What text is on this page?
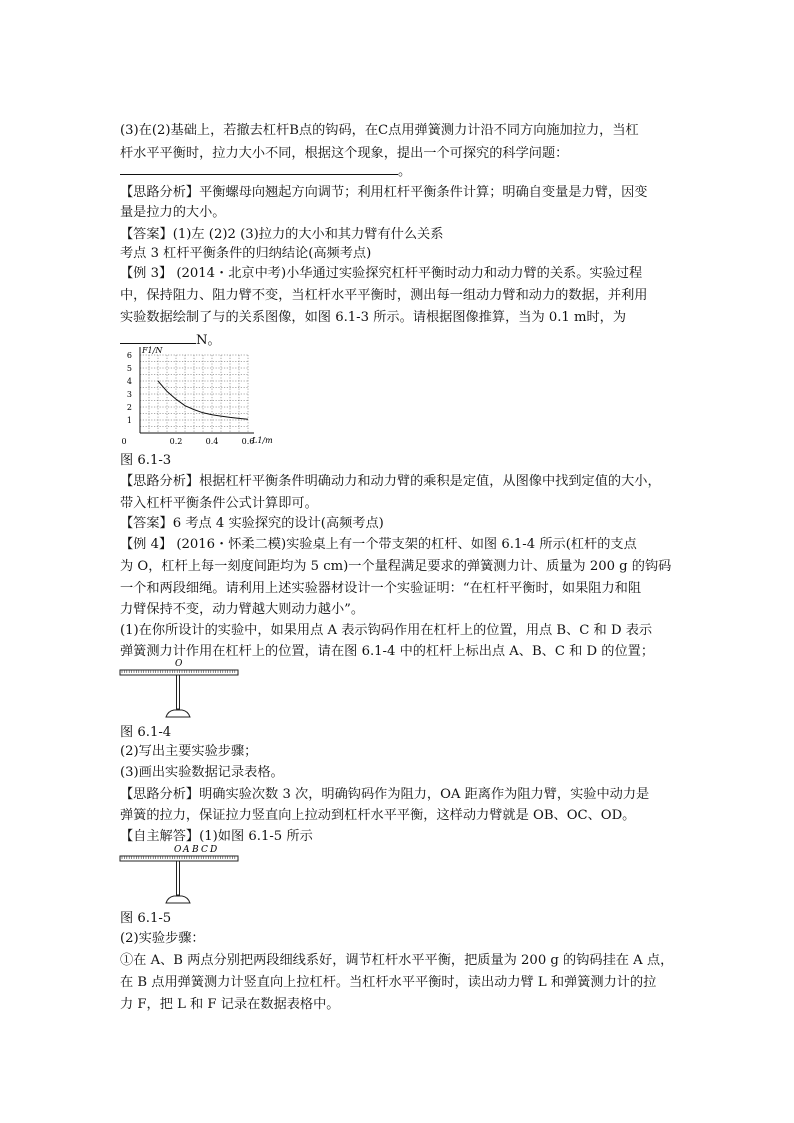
(3)在(2)基础上，若撤去杠杆B点的钩码，在C点用弹簧测力计沿不同方向施加拉力，当杠
杆水平平衡时，拉力大小不同，根据这个现象，提出一个可探究的科学问题：
。
【思路分析】平衡螺母向翘起方向调节；利用杠杆平衡条件计算；明确自变量是力臂，因变
量是拉力的大小。
【答案】(1)左 (2)2 (3)拉力的大小和其力臂有什么关系
考点 3 杠杆平衡条件的归纳结论(高频考点)
【例 3】 (2014・北京中考)小华通过实验探究杠杆平衡时动力和动力臂的关系。实验过程
中，保持阻力、阻力臂不变，当杠杆水平平衡时，测出每一组动力臂和动力的数据，并利用
实验数据绘制了与的关系图像，如图 6.1-3 所示。请根据图像推算，当为 0.1 m时，为
N。
1
2
3
4
5
6
0	0.2	0.4	0.6
F1/N
L1/m
图 6.1-3
【思路分析】根据杠杆平衡条件明确动力和动力臂的乘积是定值，从图像中找到定值的大小，
带入杠杆平衡条件公式计算即可。
【答案】6 考点 4 实验探究的设计(高频考点)
【例 4】 (2016・怀柔二模)实验桌上有一个带支架的杠杆、如图 6.1-4 所示(杠杆的支点
为 O，杠杆上每一刻度间距均为 5 cm)一个量程满足要求的弹簧测力计、质量为 200 g 的钩码
一个和两段细绳。请利用上述实验器材设计一个实验证明：“在杠杆平衡时，如果阻力和阻
力臂保持不变，动力臂越大则动力越小”。
(1)在你所设计的实验中，如果用点 A 表示钩码作用在杠杆上的位置，用点 B、C 和 D 表示
弹簧测力计作用在杠杆上的位置，请在图 6.1-4 中的杠杆上标出点 A、B、C 和 D 的位置；
O
图 6.1-4
(2)写出主要实验步骤；
(3)画出实验数据记录表格。
【思路分析】明确实验次数 3 次，明确钩码作为阻力，OA 距离作为阻力臂，实验中动力是
弹簧的拉力，保证拉力竖直向上拉动到杠杆水平平衡，这样动力臂就是 OB、OC、OD。
【自主解答】(1)如图 6.1-5 所示
O A B C D
图 6.1-5
(2)实验步骤：
①在 A、B 两点分别把两段细线系好，调节杠杆水平平衡，把质量为 200 g 的钩码挂在 A 点，
在 B 点用弹簧测力计竖直向上拉杠杆。当杠杆水平平衡时，读出动力臂 L 和弹簧测力计的拉
力 F，把 L 和 F 记录在数据表格中。
